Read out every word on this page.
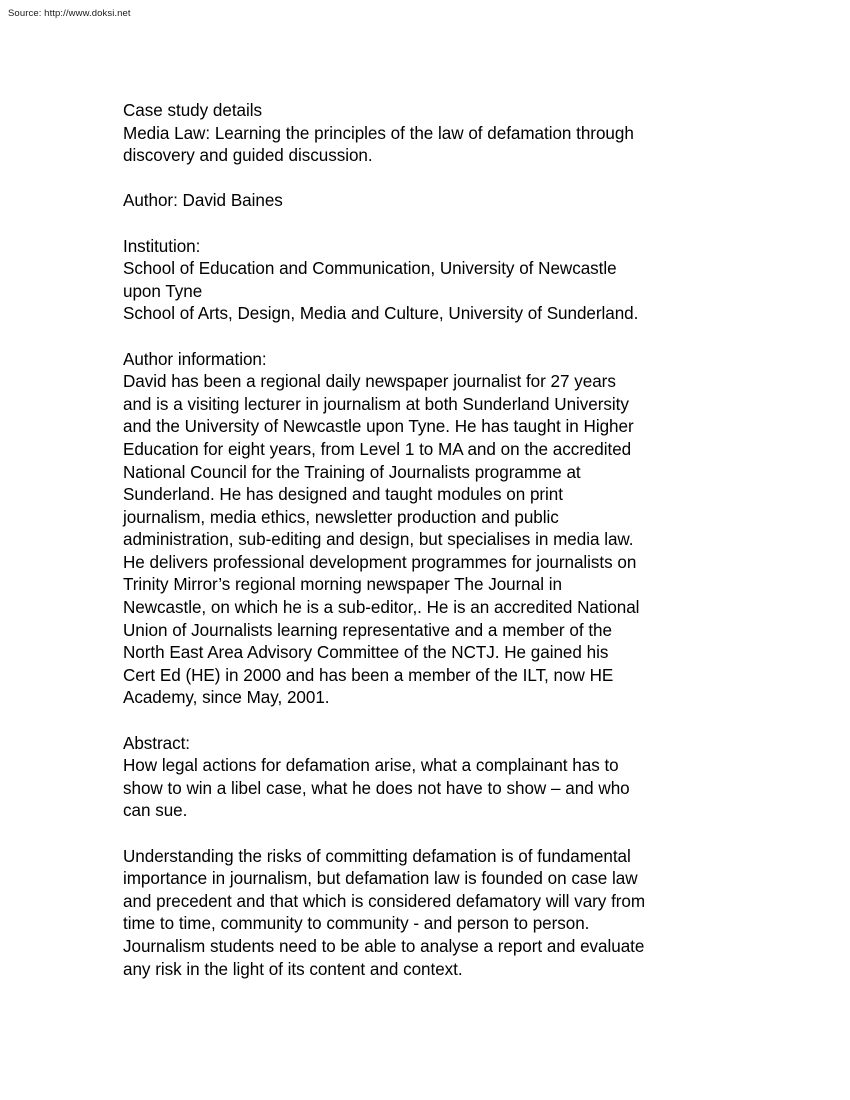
Source: http://www.doksi.net
Case study details
Media Law: Learning the principles of the law of defamation through
discovery and guided discussion.
Author: David Baines
Institution:
School of Education and Communication, University of Newcastle
upon Tyne
School of Arts, Design, Media and Culture, University of Sunderland.
Author information:
David has been a regional daily newspaper journalist for 27 years
and is a visiting lecturer in journalism at both Sunderland University
and the University of Newcastle upon Tyne. He has taught in Higher
Education for eight years, from Level 1 to MA and on the accredited
National Council for the Training of Journalists programme at
Sunderland. He has designed and taught modules on print
journalism, media ethics, newsletter production and public
administration, sub-editing and design, but specialises in media law.
He delivers professional development programmes for journalists on
Trinity Mirror’s regional morning newspaper The Journal in
Newcastle, on which he is a sub-editor,. He is an accredited National
Union of Journalists learning representative and a member of the
North East Area Advisory Committee of the NCTJ. He gained his
Cert Ed (HE) in 2000 and has been a member of the ILT, now HE
Academy, since May, 2001.
Abstract:
How legal actions for defamation arise, what a complainant has to
show to win a libel case, what he does not have to show – and who
can sue.
Understanding the risks of committing defamation is of fundamental
importance in journalism, but defamation law is founded on case law
and precedent and that which is considered defamatory will vary from
time to time, community to community - and person to person.
Journalism students need to be able to analyse a report and evaluate
any risk in the light of its content and context.
